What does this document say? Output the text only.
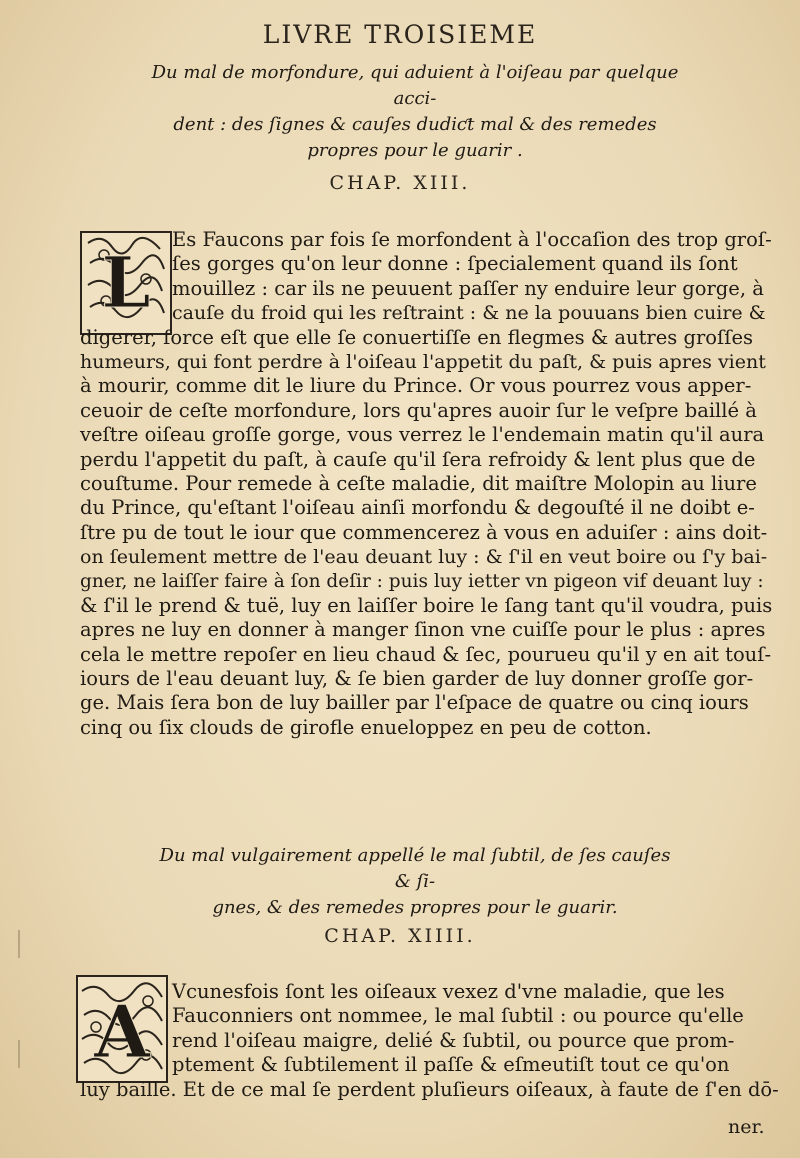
LIVRE TROISIEME
Du mal de morfondure, qui aduient à l'oiſeau par quelque acci-
dent : des ſignes & cauſes dudiƈt mal & des remedes
propres pour le guarir .
CHAP. XIII.
L
Es Faucons par fois ſe morfondent à l'occaſion des trop groſ-
ſes gorges qu'on leur donne : ſpecialement quand ils ſont
mouillez : car ils ne peuuent paſſer ny enduire leur gorge, à
cauſe du froid qui les reſtraint : & ne la pouuans bien cuire &
digerer, force eſt que elle ſe conuertiſſe en flegmes & autres groſſes
humeurs, qui font perdre à l'oiſeau l'appetit du paſt, & puis apres vient
à mourir, comme dit le liure du Prince. Or vous pourrez vous apper-
ceuoir de ceſte morfondure, lors qu'apres auoir ſur le veſpre baillé à
veſtre oiſeau groſſe gorge, vous verrez le l'endemain matin qu'il aura
perdu l'appetit du paſt, à cauſe qu'il ſera refroidy & lent plus que de
couſtume. Pour remede à ceſte maladie, dit maiſtre Molopin au liure
du Prince, qu'eſtant l'oiſeau ainſi morfondu & degouſté il ne doibt e-
ſtre pu de tout le iour que commencerez à vous en aduiſer : ains doit-
on ſeulement mettre de l'eau deuant luy : & ſ'il en veut boire ou ſ'y bai-
gner, ne laiſſer faire à ſon deſir : puis luy ietter vn pigeon vif deuant luy :
& ſ'il le prend & tuë, luy en laiſſer boire le ſang tant qu'il voudra, puis
apres ne luy en donner à manger ſinon vne cuiſſe pour le plus : apres
cela le mettre repoſer en lieu chaud & ſec, pourueu qu'il y en ait touſ-
iours de l'eau deuant luy, & ſe bien garder de luy donner groſſe gor-
ge. Mais ſera bon de luy bailler par l'eſpace de quatre ou cinq iours
cinq ou ſix clouds de girofle enueloppez en peu de cotton.
Du mal vulgairement appellé le mal ſubtil, de ſes cauſes & ſi-
gnes, & des remedes propres pour le guarir.
CHAP. XIIII.
A	Vcunesfois ſont les oiſeaux vexez d'vne maladie, que les
Fauconniers ont nommee, le mal ſubtil : ou pource qu'elle
rend l'oiſeau maigre, delié & ſubtil, ou pource que prom-
ptement & ſubtilement il paſſe & eſmeutiſt tout ce qu'on
luy baille. Et de ce mal ſe perdent pluſieurs oiſeaux, à faute de ſ'en dō-
ner.
